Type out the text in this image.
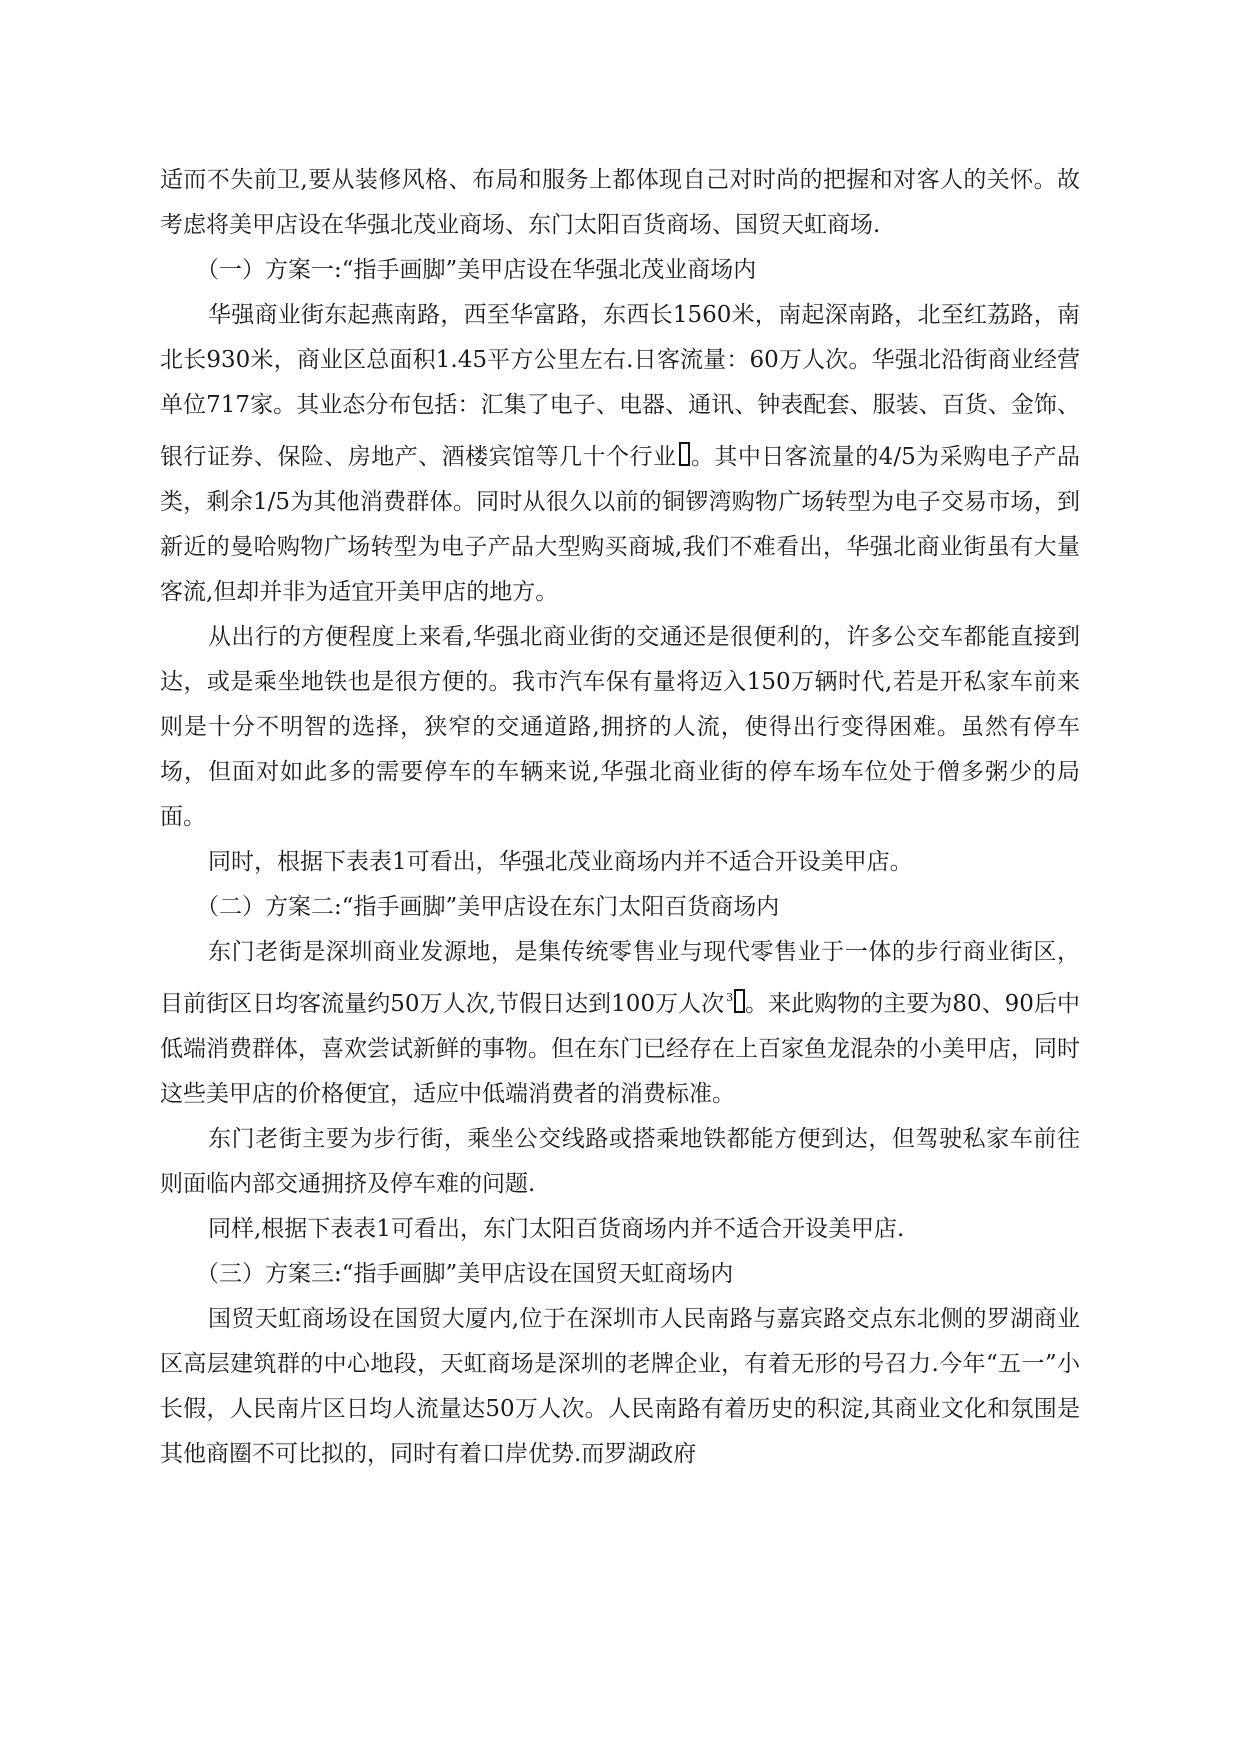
适而不失前卫,要从装修风格、布局和服务上都体现自己对时尚的把握和对客人的关怀。故考虑将美甲店设在华强北茂业商场、东门太阳百货商场、国贸天虹商场.

（一）方案一:“指手画脚”美甲店设在华强北茂业商场内

华强商业街东起燕南路，西至华富路，东西长1560米，南起深南路，北至红荔路，南北长930米，商业区总面积1.45平方公里左右.日客流量：60万人次。华强北沿街商业经营单位717家。其业态分布包括：汇集了电子、电器、通讯、钟表配套、服装、百货、金饰、银行证券、保险、房地产、酒楼宾馆等几十个行业 。其中日客流量的4/5为采购电子产品类，剩余1/5为其他消费群体。同时从很久以前的铜锣湾购物广场转型为电子交易市场，到新近的曼哈购物广场转型为电子产品大型购买商城,我们不难看出，华强北商业街虽有大量客流,但却并非为适宜开美甲店的地方。

从出行的方便程度上来看,华强北商业街的交通还是很便利的，许多公交车都能直接到达，或是乘坐地铁也是很方便的。我市汽车保有量将迈入150万辆时代,若是开私家车前来则是十分不明智的选择，狭窄的交通道路,拥挤的人流，使得出行变得困难。虽然有停车场，但面对如此多的需要停车的车辆来说,华强北商业街的停车场车位处于僧多粥少的局面。

同时，根据下表表1可看出，华强北茂业商场内并不适合开设美甲店。

（二）方案二:“指手画脚”美甲店设在东门太阳百货商场内

东门老街是深圳商业发源地，是集传统零售业与现代零售业于一体的步行商业街区，目前街区日均客流量约50万人次,节假日达到100万人次 $^3$ 。来此购物的主要为80、90后中低端消费群体，喜欢尝试新鲜的事物。但在东门已经存在上百家鱼龙混杂的小美甲店，同时这些美甲店的价格便宜，适应中低端消费者的消费标准。

东门老街主要为步行街，乘坐公交线路或搭乘地铁都能方便到达，但驾驶私家车前往则面临内部交通拥挤及停车难的问题.

同样,根据下表表1可看出，东门太阳百货商场内并不适合开设美甲店.

（三）方案三:“指手画脚”美甲店设在国贸天虹商场内

国贸天虹商场设在国贸大厦内,位于在深圳市人民南路与嘉宾路交点东北侧的罗湖商业区高层建筑群的中心地段，天虹商场是深圳的老牌企业，有着无形的号召力.今年“五一”小长假，人民南片区日均人流量达50万人次。人民南路有着历史的积淀,其商业文化和氛围是其他商圈不可比拟的，同时有着口岸优势.而罗湖政府
